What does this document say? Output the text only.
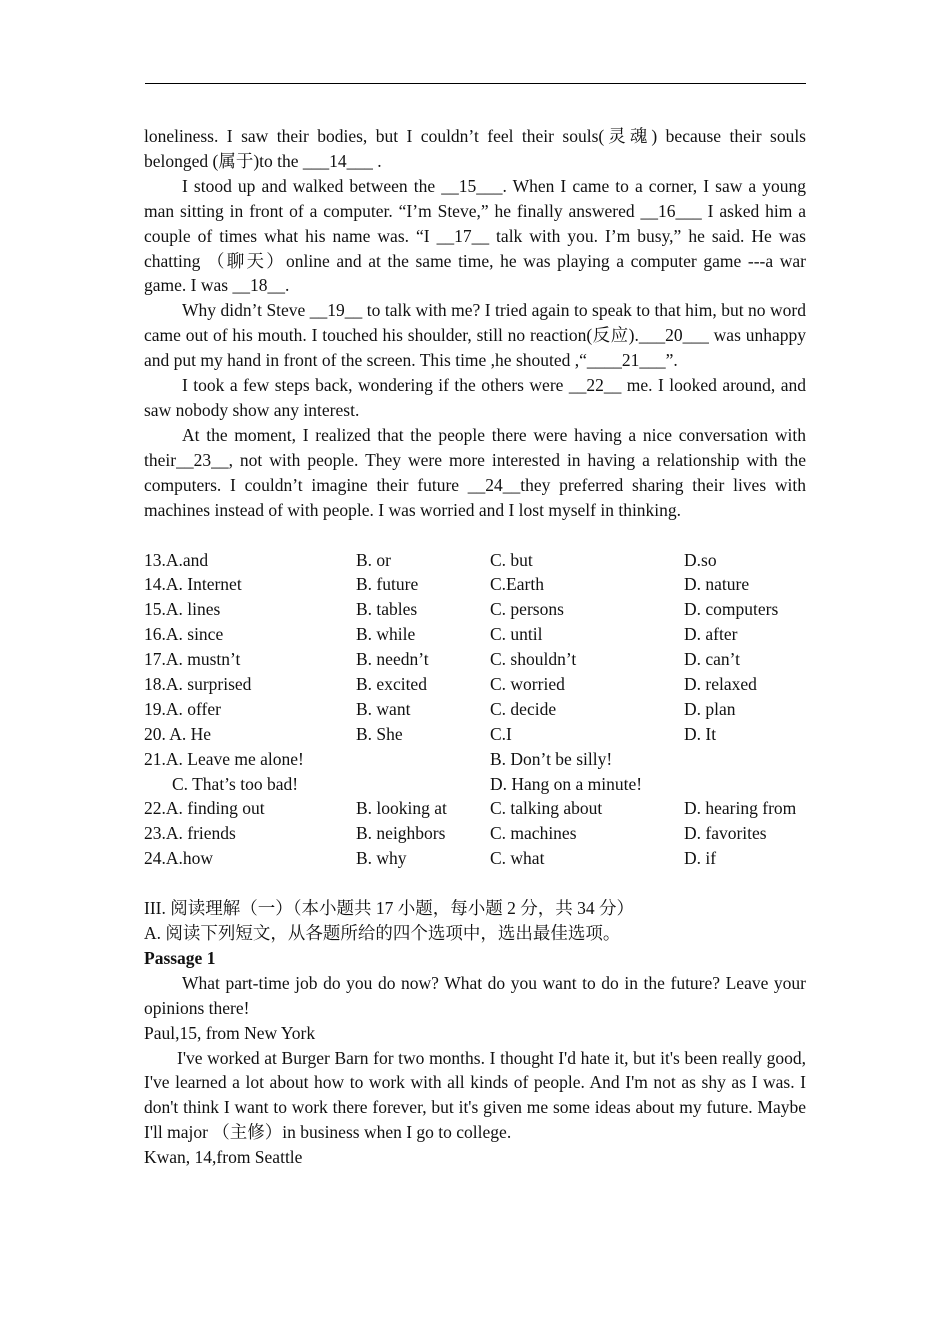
loneliness. I saw their bodies, but I couldn’t feel their souls(灵魂) because their souls belonged (属于)to the ___14___ .

I stood up and walked between the __15___. When I came to a corner, I saw a young man sitting in front of a computer. “I’m Steve,” he finally answered __16___ I asked him a couple of times what his name was. “I __17__ talk with you. I’m busy,” he said. He was chatting （聊天）online and at the same time, he was playing a computer game ---a war game. I was __18__.

Why didn’t Steve __19__ to talk with me? I tried again to speak to that him, but no word came out of his mouth. I touched his shoulder, still no reaction(反应).___20___ was unhappy and put my hand in front of the screen. This time ,he shouted ,“____21___”.

I took a few steps back, wondering if the others were __22__ me. I looked around, and saw nobody show any interest.

At the moment, I realized that the people there were having a nice conversation with their__23__, not with people. They were more interested in having a relationship with the computers. I couldn’t imagine their future __24__they preferred sharing their lives with machines instead of with people. I was worried and I lost myself in thinking.

13.A.and	B. or	C. but	D.so
14.A. Internet	B. future	C.Earth	D. nature
15.A. lines	B. tables	C. persons	D. computers
16.A. since	B. while	C. until	D. after
17.A. mustn’t	B. needn’t	C. shouldn’t	D. can’t
18.A. surprised	B. excited	C. worried	D. relaxed
19.A. offer	B. want	C. decide	D. plan
20. A. He	B. She	C.I	D. It
21.A. Leave me alone!	B. Don’t be silly!
C. That’s too bad!	D. Hang on a minute!
22.A. finding out	B. looking at C. talking about	D. hearing from
23.A. friends	B. neighbors	C. machines	D. favorites
24.A.how	B. why	C. what	D. if

III. 阅读理解（一）（本小题共 17 小题，每小题 2 分，共 34 分）

A. 阅读下列短文，从各题所给的四个选项中，选出最佳选项。

Passage 1

What part-time job do you do now? What do you want to do in the future? Leave your opinions there!

Paul,15, from New York

I've worked at Burger Barn for two months. I thought I'd hate it, but it's been really good, I've learned a lot about how to work with all kinds of people. And I'm not as shy as I was. I don't think I want to work there forever, but it's given me some ideas about my future. Maybe I'll major （主修）in business when I go to college.

Kwan, 14,from Seattle
